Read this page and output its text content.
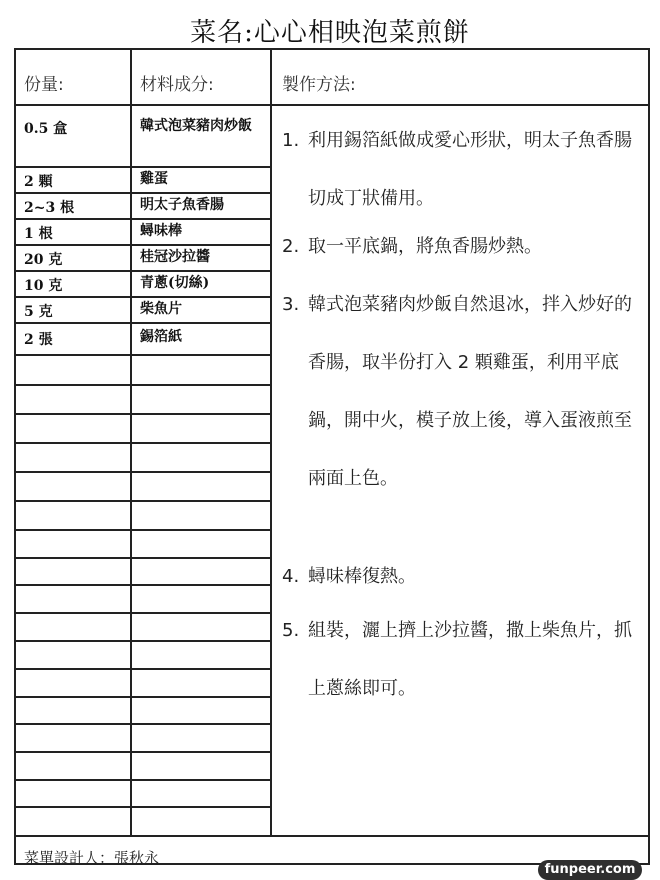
菜名:心心相映泡菜煎餅
份量:	材料成分:	製作方法:
0.5 盒	韓式泡菜豬肉炒飯
2 顆	雞蛋
2~3 根	明太子魚香腸
1 根	蟳味棒
20 克	桂冠沙拉醬
10 克	青蔥(切絲)
5 克	柴魚片
2 張	錫箔紙
1. 利用錫箔紙做成愛心形狀，明太子魚香腸切成丁狀備用。
2. 取一平底鍋，將魚香腸炒熱。
3. 韓式泡菜豬肉炒飯自然退冰，拌入炒好的香腸，取半份打入 2 顆雞蛋，利用平底鍋，開中火，模子放上後，導入蛋液煎至兩面上色。
4. 蟳味棒復熱。
5. 組裝，灑上擠上沙拉醬，撒上柴魚片，抓上蔥絲即可。
菜單設計人：張秋永
funpeer.com
